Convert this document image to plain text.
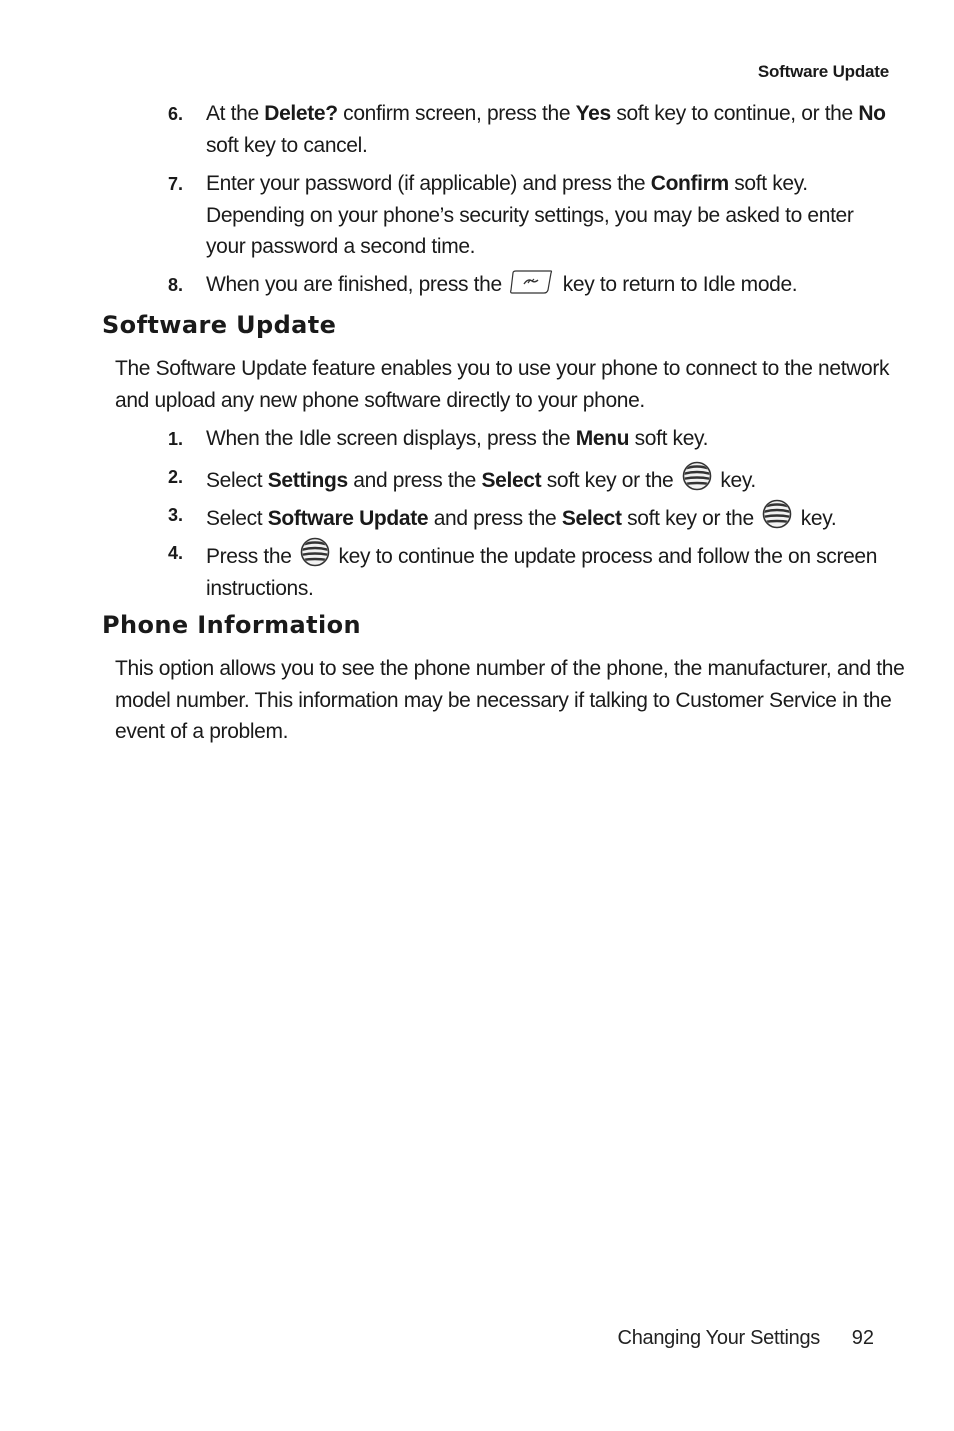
Software Update
6. At the Delete? confirm screen, press the Yes soft key to continue, or the No soft key to cancel.
7. Enter your password (if applicable) and press the Confirm soft key. Depending on your phone’s security settings, you may be asked to enter your password a second time.
8. When you are finished, press the
key to return to Idle mode.
Software Update
The Software Update feature enables you to use your phone to connect to the network and upload any new phone software directly to your phone.
1. When the Idle screen displays, press the Menu soft key.
2. Select Settings and press the Select soft key or the
key.
3. Select Software Update and press the Select soft key or the
key.
4. Press the
key to continue the update process and follow the on screen instructions.
Phone Information
This option allows you to see the phone number of the phone, the manufacturer, and the model number. This information may be necessary if talking to Customer Service in the event of a problem.
Changing Your Settings 92
